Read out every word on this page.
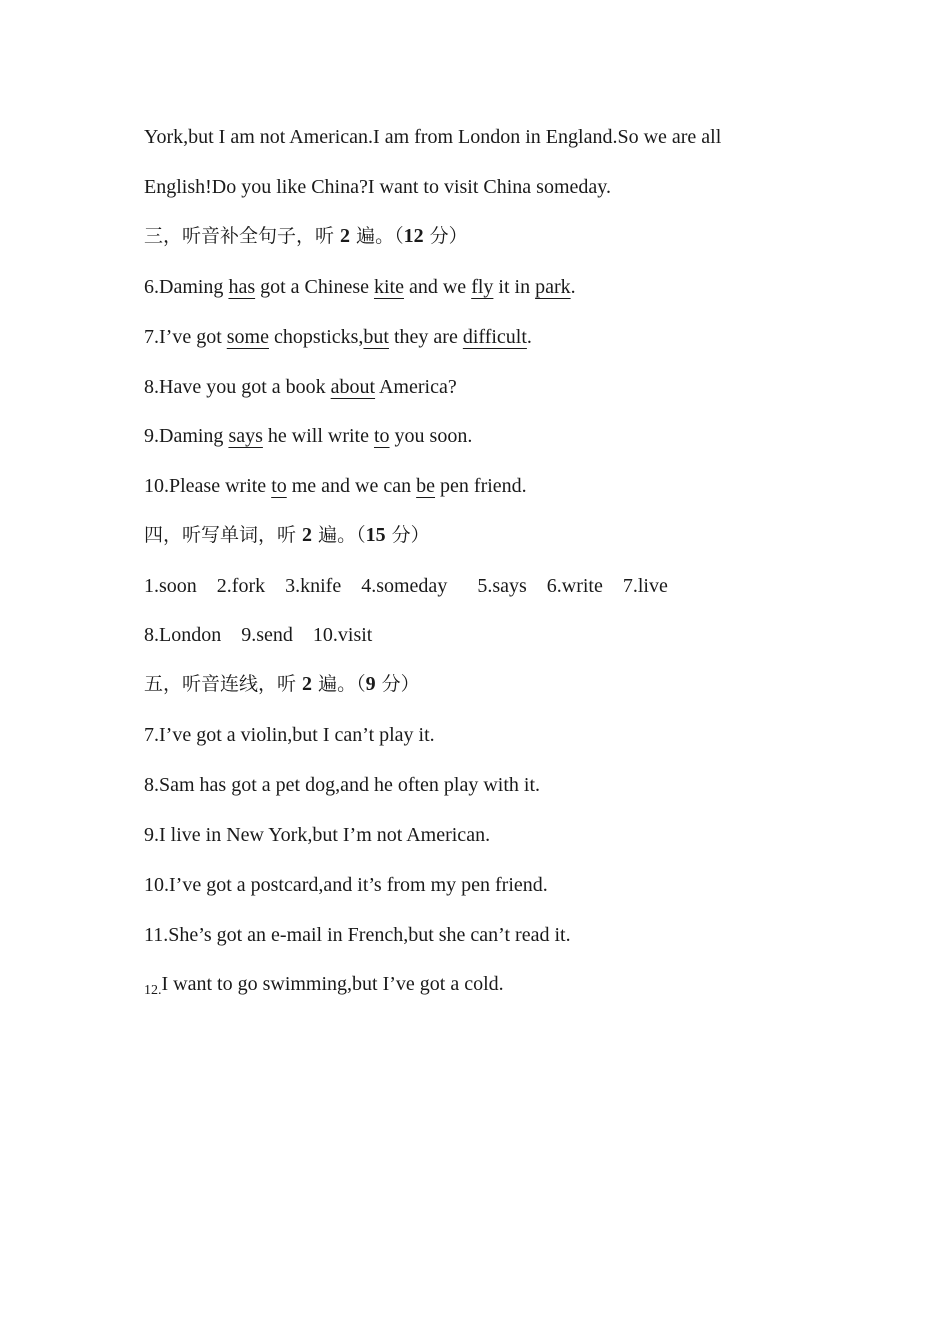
York,but I am not American.I am from London in England.So we are all
English!Do you like China?I want to visit China someday.
三，听音补全句子，听 2 遍。（12 分）
6.Daming has got a Chinese kite and we fly it in park.
7.I’ve got some chopsticks,but they are difficult.
8.Have you got a book about America?
9.Daming says he will write to you soon.
10.Please write to me and we can be pen friend.
四，听写单词，听 2 遍。（15 分）
1.soon 2.fork 3.knife 4.someday 5.says 6.write 7.live
8.London 9.send 10.visit
五，听音连线，听 2 遍。（9 分）
7.I’ve got a violin,but I can’t play it.
8.Sam has got a pet dog,and he often play with it.
9.I live in New York,but I’m not American.
10.I’ve got a postcard,and it’s from my pen friend.
11.She’s got an e-mail in French,but she can’t read it.
$_{12.}$I want to go swimming,but I’ve got a cold.
